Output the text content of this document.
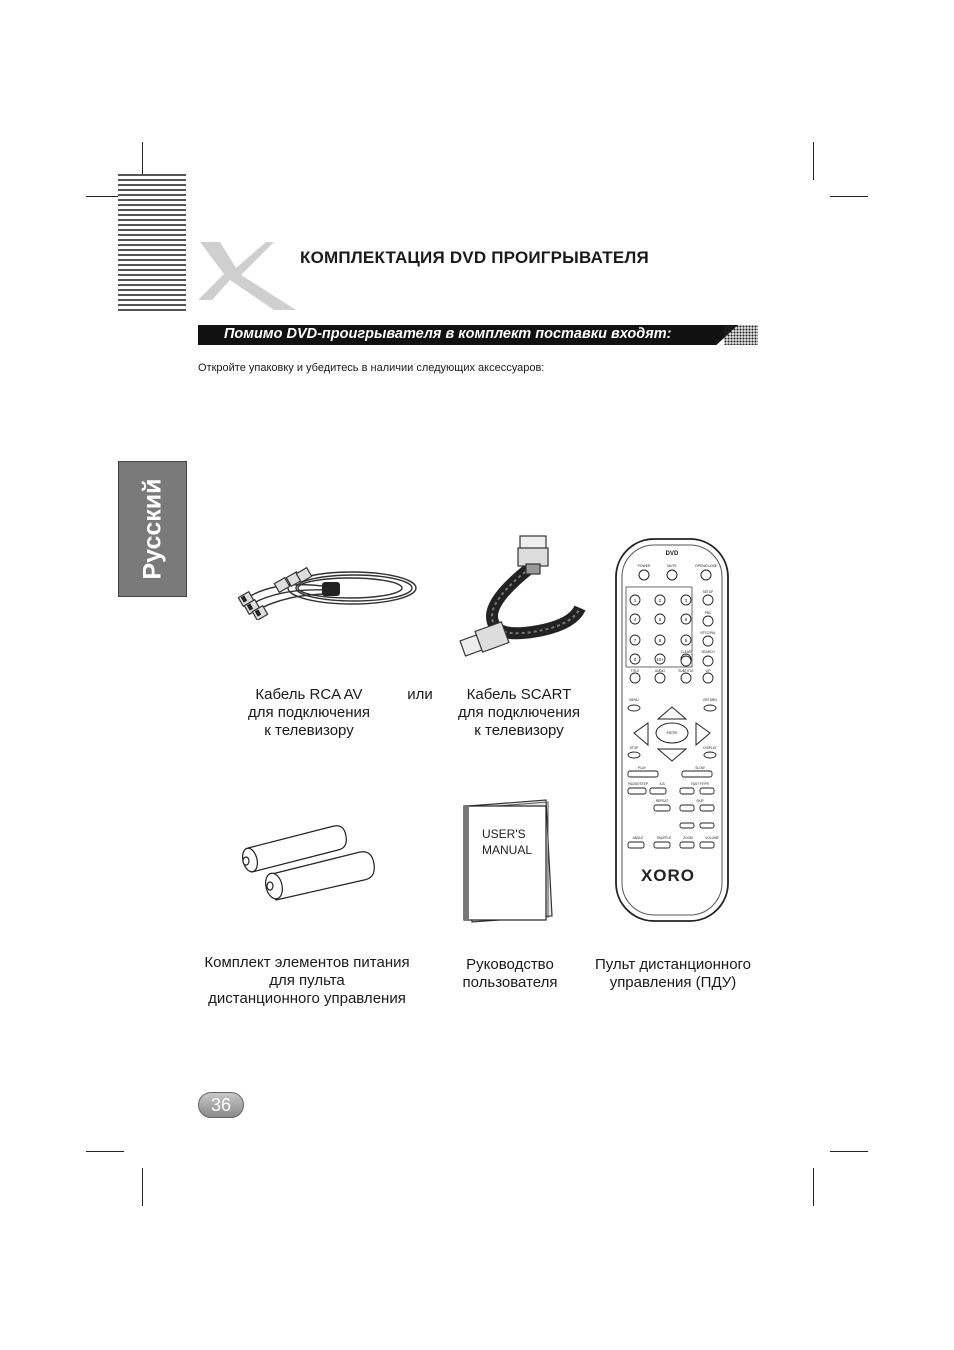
КОМПЛЕКТАЦИЯ DVD ПРОИГРЫВАТЕЛЯ
Помимо DVD-проигрывателя в комплект поставки входят:
Откройте упаковку и убедитесь в наличии следующих аксессуаров:
Русский	DVD
POWER	MUTE	OPEN/CLOSE
1	2	3
4	5	6
7	8	9
0	10+
SETUP
PBC
NTSC/PAL
CLEAR	SEARCH
TITLE	AUDIO	SUBTITLE	V/P
MENU	RETURN
ENTER
STOP	DISPLAY
PLAY	SLOW
PAUSE/STEP	A-B	FAST FF/FR
REPEAT	SKIP
ANGLE	SHUFFLE	ZOOM	VOLUME
XORO
USER'S
MANUAL
Кабель RCA AV
для подключения
к телевизору
или	Кабель SCART
для подключения
к телевизору
Комплект элементов питания
для пульта
дистанционного управления
Руководство
пользователя
Пульт дистанционного
управления (ПДУ)
36
